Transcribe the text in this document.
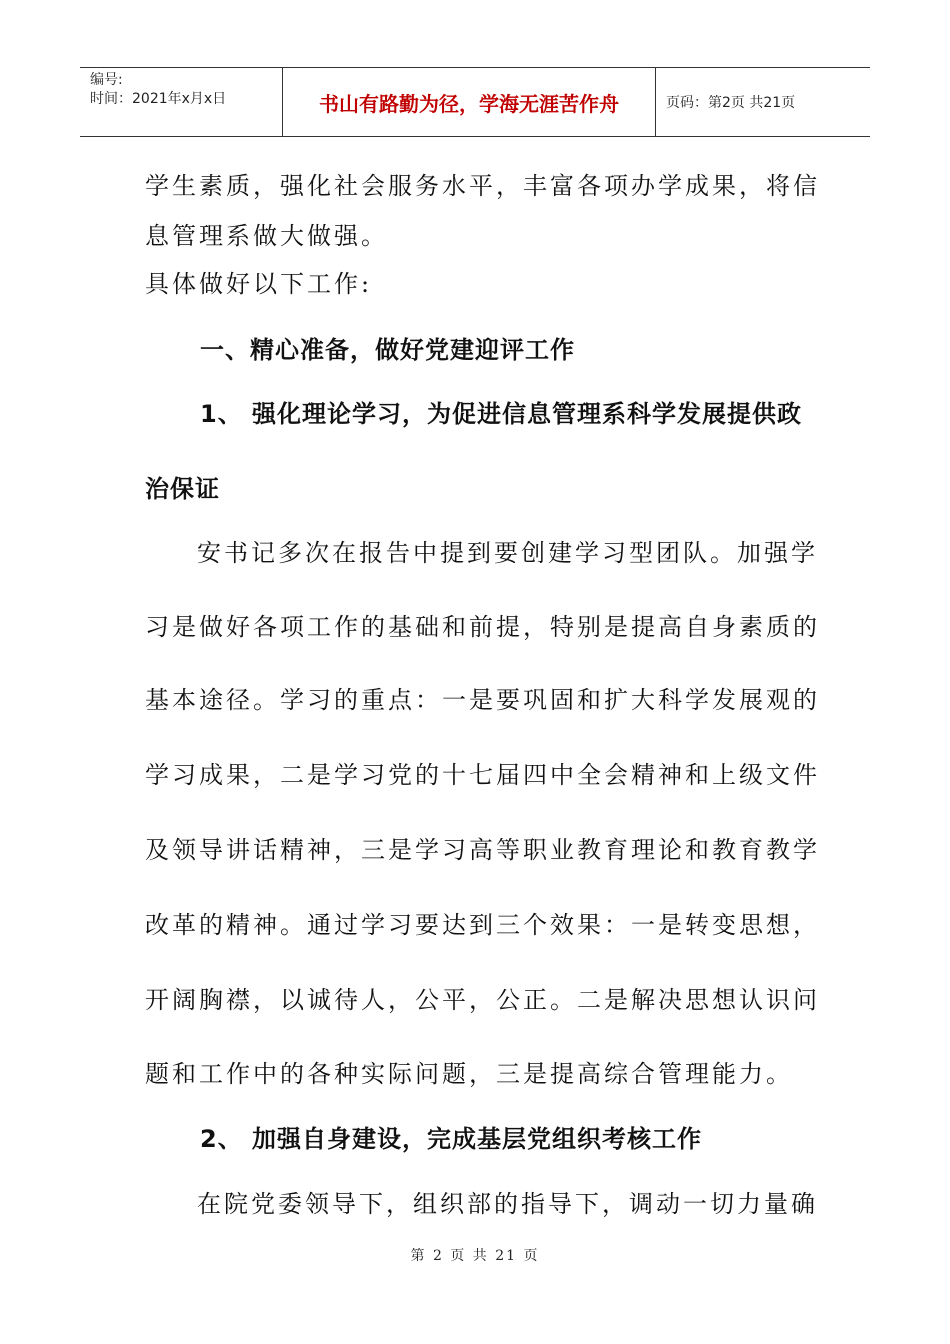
编号:
时间：2021年x月x日	书山有路勤为径，学海无涯苦作舟	页码：第2页 共21页
学生素质，强化社会服务水平，丰富各项办学成果，将信
息管理系做大做强。
具体做好以下工作:
一、精心准备，做好党建迎评工作
1、 强化理论学习，为促进信息管理系科学发展提供政
治保证
安书记多次在报告中提到要创建学习型团队。加强学
习是做好各项工作的基础和前提，特别是提高自身素质的
基本途径。学习的重点：一是要巩固和扩大科学发展观的
学习成果，二是学习党的十七届四中全会精神和上级文件
及领导讲话精神，三是学习高等职业教育理论和教育教学
改革的精神。通过学习要达到三个效果：一是转变思想，
开阔胸襟，以诚待人，公平，公正。二是解决思想认识问
题和工作中的各种实际问题，三是提高综合管理能力。
2、 加强自身建设，完成基层党组织考核工作
在院党委领导下，组织部的指导下，调动一切力量确
第 2 页 共 21 页
